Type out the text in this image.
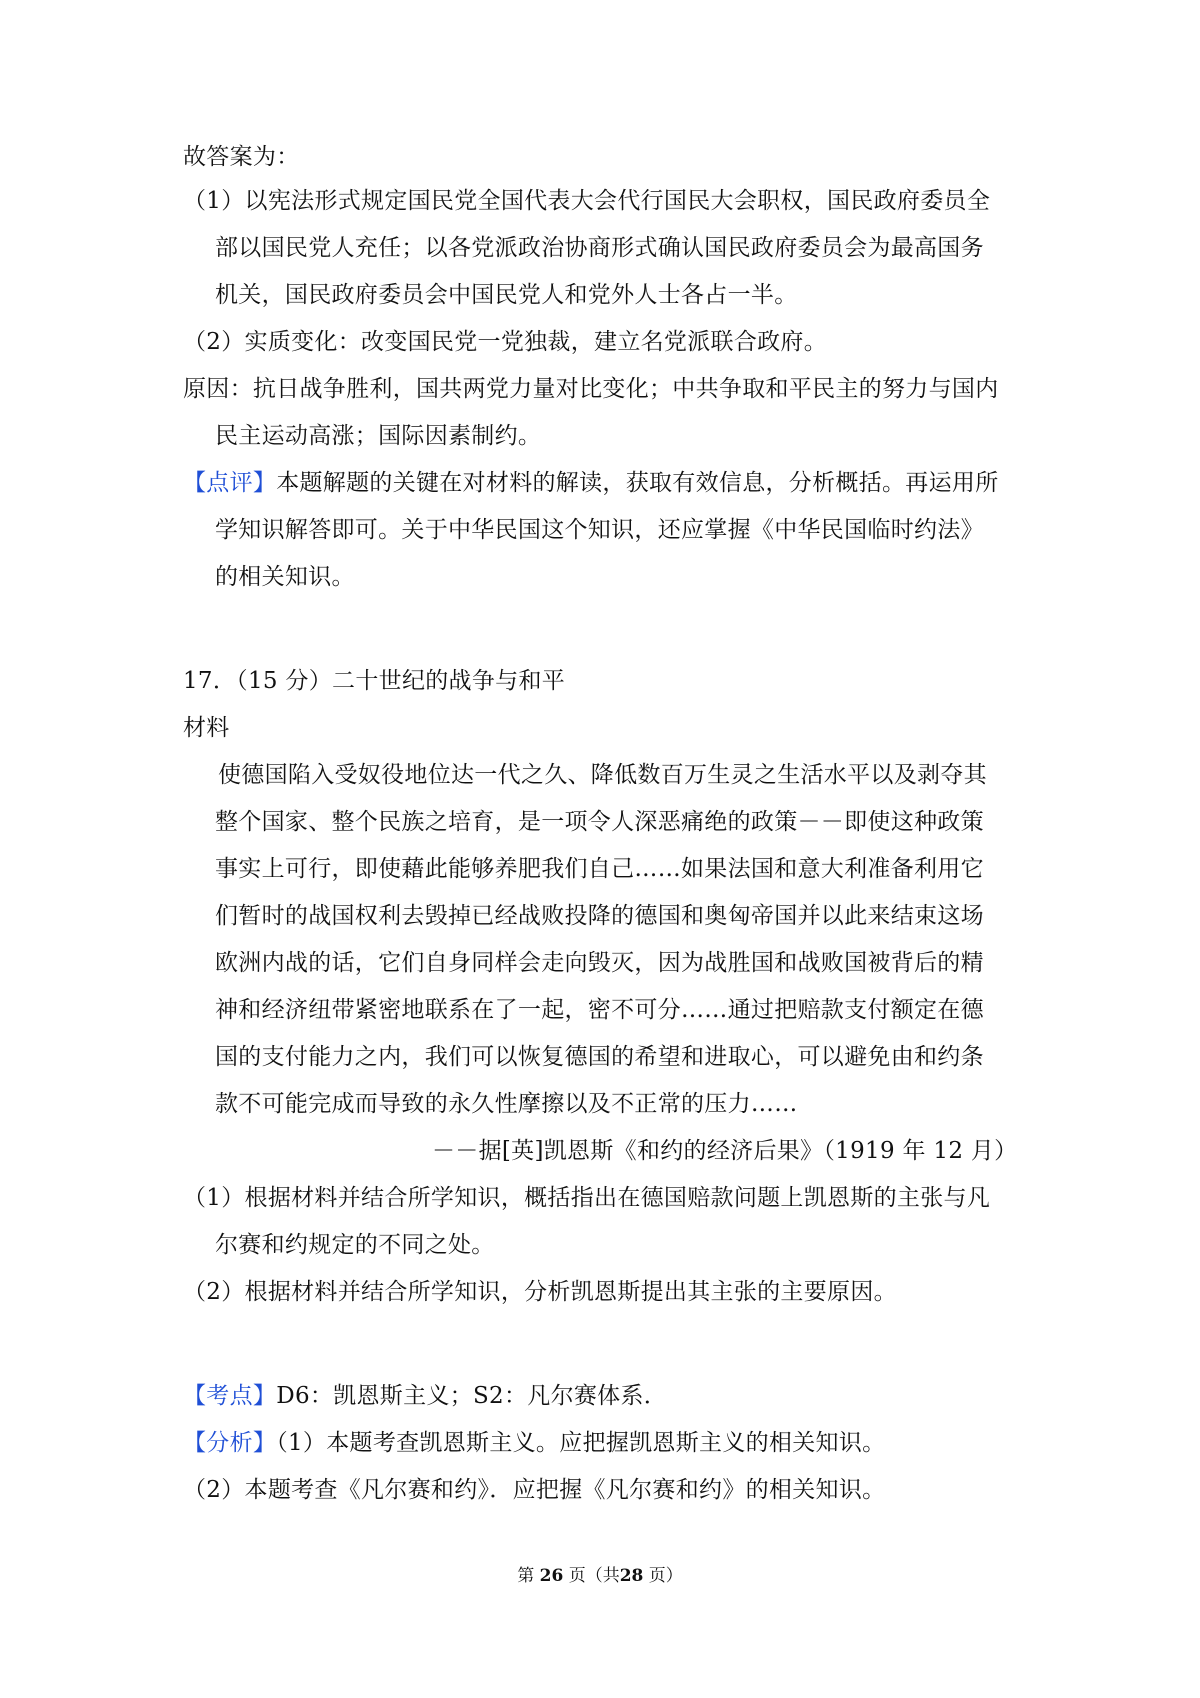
故答案为：
（1）以宪法形式规定国民党全国代表大会代行国民大会职权，国民政府委员全
部以国民党人充任；以各党派政治协商形式确认国民政府委员会为最高国务
机关，国民政府委员会中国民党人和党外人士各占一半。
（2）实质变化：改变国民党一党独裁，建立名党派联合政府。
原因：抗日战争胜利，国共两党力量对比变化；中共争取和平民主的努力与国内
民主运动高涨；国际因素制约。
【点评】本题解题的关键在对材料的解读，获取有效信息，分析概括。再运用所
学知识解答即可。关于中华民国这个知识，还应掌握《中华民国临时约法》
的相关知识。
17．（15 分）二十世纪的战争与和平
材料
使德国陷入受奴役地位达一代之久、降低数百万生灵之生活水平以及剥夺其
整个国家、整个民族之培育，是一项令人深恶痛绝的政策－－即使这种政策
事实上可行，即使藉此能够养肥我们自己……如果法国和意大利准备利用它
们暂时的战国权利去毁掉已经战败投降的德国和奥匈帝国并以此来结束这场
欧洲内战的话，它们自身同样会走向毁灭，因为战胜国和战败国被背后的精
神和经济纽带紧密地联系在了一起，密不可分……通过把赔款支付额定在德
国的支付能力之内，我们可以恢复德国的希望和进取心，可以避免由和约条
款不可能完成而导致的永久性摩擦以及不正常的压力……
－－据[英]凯恩斯《和约的经济后果》（1919 年 12 月）
（1）根据材料并结合所学知识，概括指出在德国赔款问题上凯恩斯的主张与凡
尔赛和约规定的不同之处。
（2）根据材料并结合所学知识，分析凯恩斯提出其主张的主要原因。
【考点】D6：凯恩斯主义；S2：凡尔赛体系．
【分析】（1）本题考查凯恩斯主义。应把握凯恩斯主义的相关知识。
（2）本题考查《凡尔赛和约》．应把握《凡尔赛和约》的相关知识。
第 26 页（共28 页）
